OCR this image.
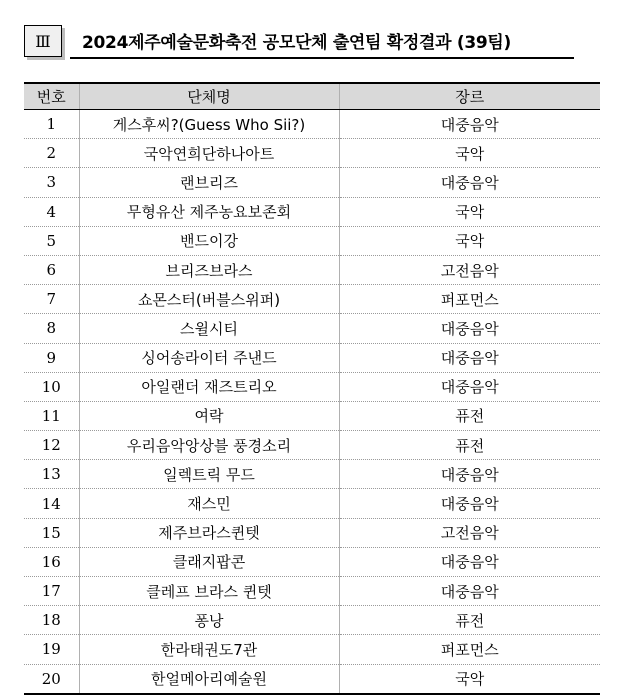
Ⅲ	2024제주예술문화축전 공모단체 출연팀 확정결과 (39팀)
번호	단체명	장르
1	게스후씨?(Guess Who Sii?)	대중음악
2	국악연희단하나아트	국악
3	랜브리즈	대중음악
4	무형유산 제주농요보존회	국악
5	밴드이강	국악
6	브리즈브라스	고전음악
7	쇼몬스터(버블스위퍼)	퍼포먼스
8	스윌시티	대중음악
9	싱어송라이터 주낸드	대중음악
10	아일랜더 재즈트리오	대중음악
11	여락	퓨전
12	우리음악앙상블 풍경소리	퓨전
13	일렉트릭 무드	대중음악
14	재스민	대중음악
15	제주브라스퀸텟	고전음악
16	클래지팝콘	대중음악
17	클레프 브라스 퀸텟	대중음악
18	퐁낭	퓨전
19	한라태권도7관	퍼포먼스
20	한얼메아리예술원	국악
